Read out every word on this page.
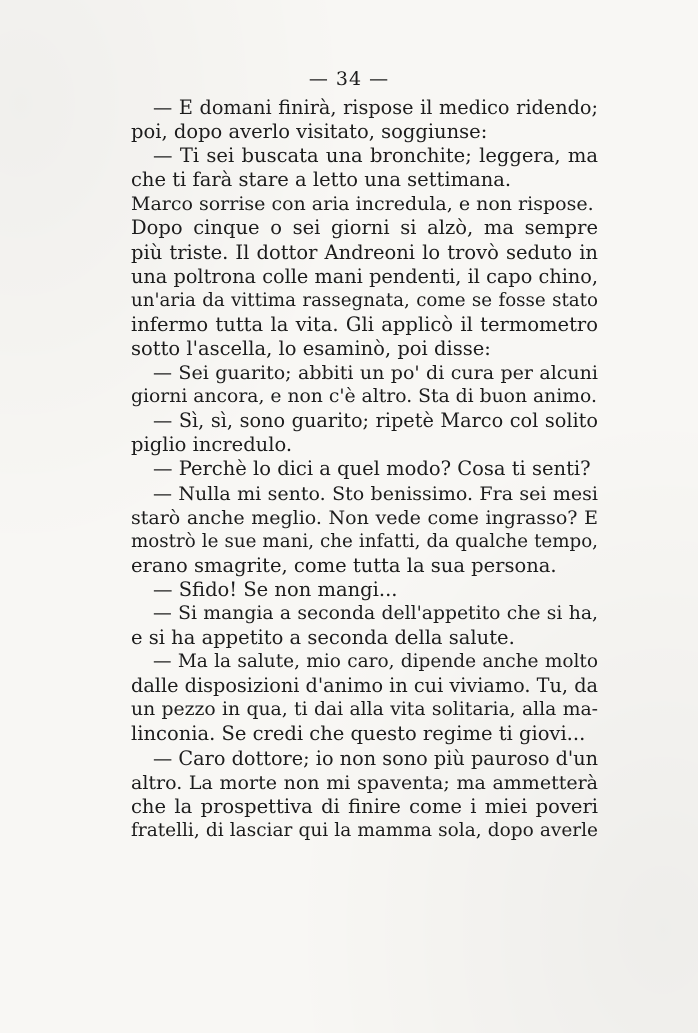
— 34 —
— E domani finirà, rispose il medico ridendo;
poi, dopo averlo visitato, soggiunse:
— Ti sei buscata una bronchite; leggera, ma
che ti farà stare a letto una settimana.
Marco sorrise con aria incredula, e non rispose.
Dopo cinque o sei giorni si alzò, ma sempre
più triste. Il dottor Andreoni lo trovò seduto in
una poltrona colle mani pendenti, il capo chino,
un'aria da vittima rassegnata, come se fosse stato
infermo tutta la vita. Gli applicò il termometro
sotto l'ascella, lo esaminò, poi disse:
— Sei guarito; abbiti un po' di cura per alcuni
giorni ancora, e non c'è altro. Sta di buon animo.
— Sì, sì, sono guarito; ripetè Marco col solito
piglio incredulo.
— Perchè lo dici a quel modo? Cosa ti senti?
— Nulla mi sento. Sto benissimo. Fra sei mesi
starò anche meglio. Non vede come ingrasso? E
mostrò le sue mani, che infatti, da qualche tempo,
erano smagrite, come tutta la sua persona.
— Sfido! Se non mangi...
— Si mangia a seconda dell'appetito che si ha,
e si ha appetito a seconda della salute.
— Ma la salute, mio caro, dipende anche molto
dalle disposizioni d'animo in cui viviamo. Tu, da
un pezzo in qua, ti dai alla vita solitaria, alla ma-
linconia. Se credi che questo regime ti giovi...
— Caro dottore; io non sono più pauroso d'un
altro. La morte non mi spaventa; ma ammetterà
che la prospettiva di finire come i miei poveri
fratelli, di lasciar qui la mamma sola, dopo averle
